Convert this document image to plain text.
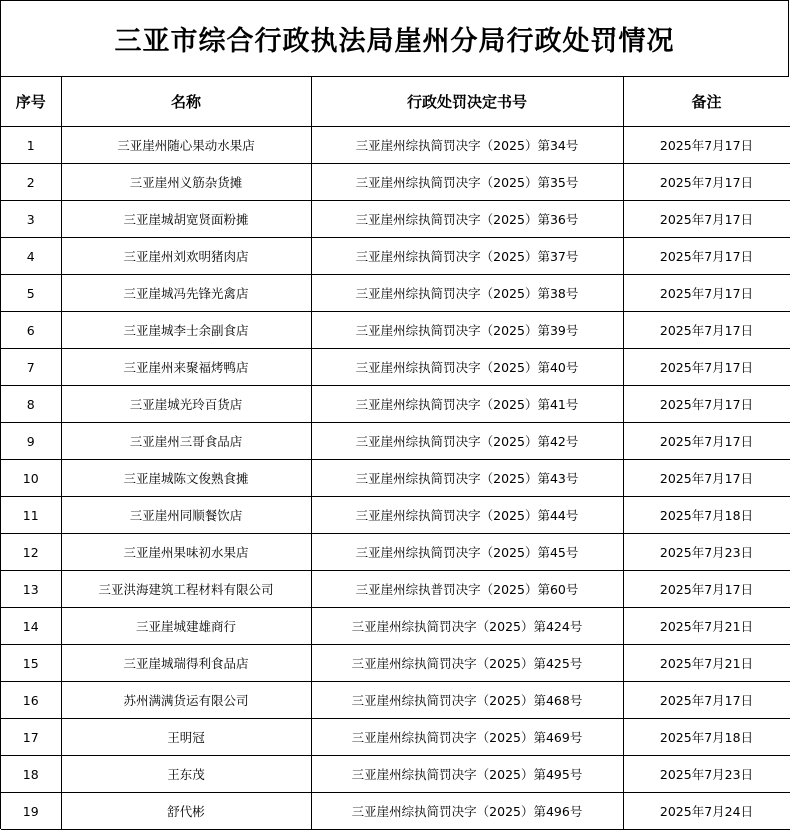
三亚市综合行政执法局崖州分局行政处罚情况
序号	名称	行政处罚决定书号	备注
1	三亚崖州随心果动水果店	三亚崖州综执简罚决字（2025）第34号	2025年7月17日
2	三亚崖州义筋杂货摊	三亚崖州综执简罚决字（2025）第35号	2025年7月17日
3	三亚崖城胡宽贤面粉摊	三亚崖州综执简罚决字（2025）第36号	2025年7月17日
4	三亚崖州刘欢明猪肉店	三亚崖州综执简罚决字（2025）第37号	2025年7月17日
5	三亚崖城冯先锋光禽店	三亚崖州综执简罚决字（2025）第38号	2025年7月17日
6	三亚崖城李士余副食店	三亚崖州综执简罚决字（2025）第39号	2025年7月17日
7	三亚崖州来聚福烤鸭店	三亚崖州综执简罚决字（2025）第40号	2025年7月17日
8	三亚崖城光玲百货店	三亚崖州综执简罚决字（2025）第41号	2025年7月17日
9	三亚崖州三哥食品店	三亚崖州综执简罚决字（2025）第42号	2025年7月17日
10	三亚崖城陈文俊熟食摊	三亚崖州综执简罚决字（2025）第43号	2025年7月17日
11	三亚崖州同顺餐饮店	三亚崖州综执简罚决字（2025）第44号	2025年7月18日
12	三亚崖州果味初水果店	三亚崖州综执简罚决字（2025）第45号	2025年7月23日
13	三亚洪海建筑工程材料有限公司	三亚崖州综执普罚决字（2025）第60号	2025年7月17日
14	三亚崖城建雄商行	三亚崖州综执简罚决字（2025）第424号	2025年7月21日
15	三亚崖城瑞得利食品店	三亚崖州综执简罚决字（2025）第425号	2025年7月21日
16	苏州满满货运有限公司	三亚崖州综执简罚决字（2025）第468号	2025年7月17日
17	王明冠	三亚崖州综执简罚决字（2025）第469号	2025年7月18日
18	王东茂	三亚崖州综执简罚决字（2025）第495号	2025年7月23日
19	舒代彬	三亚崖州综执简罚决字（2025）第496号	2025年7月24日
